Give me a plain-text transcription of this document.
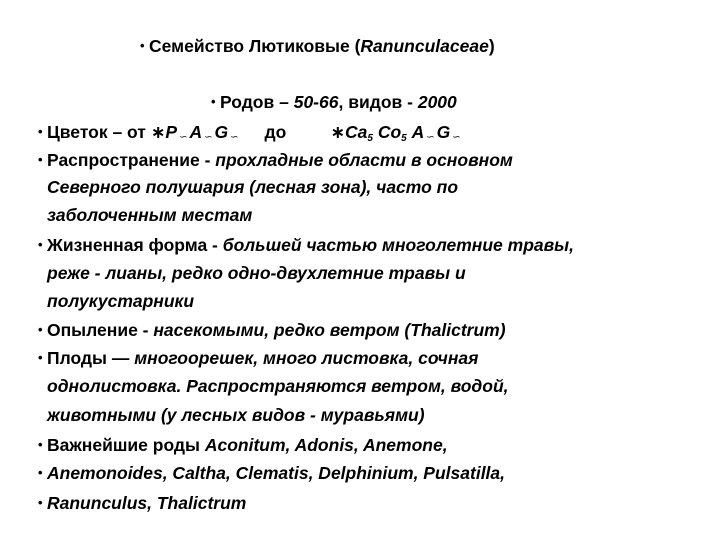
• Семейство Лютиковые (Ranunculaceae)
• Родов – 50-66, видов - 2000
• Цветок – от ∗P ∽ A ∽ G ∽ до	$∗Ca_5$ $Co_5$ A ∽ G ∽
• Распространение - прохладные области в основном
Северного полушария (лесная зона), часто по
заболоченным местам
• Жизненная форма - большей частью многолетние травы,
реже - лианы, редко одно-двухлетние травы и
полукустарники
• Опыление - насекомыми, редко ветром (Thalictrum)
• Плоды — многоорешек, много листовка, сочная
однолистовка. Распространяются ветром, водой,
животными (у лесных видов - муравьями)
• Важнейшие роды Aconitum, Adonis, Anemone,
• Anemonoides, Caltha, Clematis, Delphinium, Pulsatilla,
• Ranunculus, Thalictrum
